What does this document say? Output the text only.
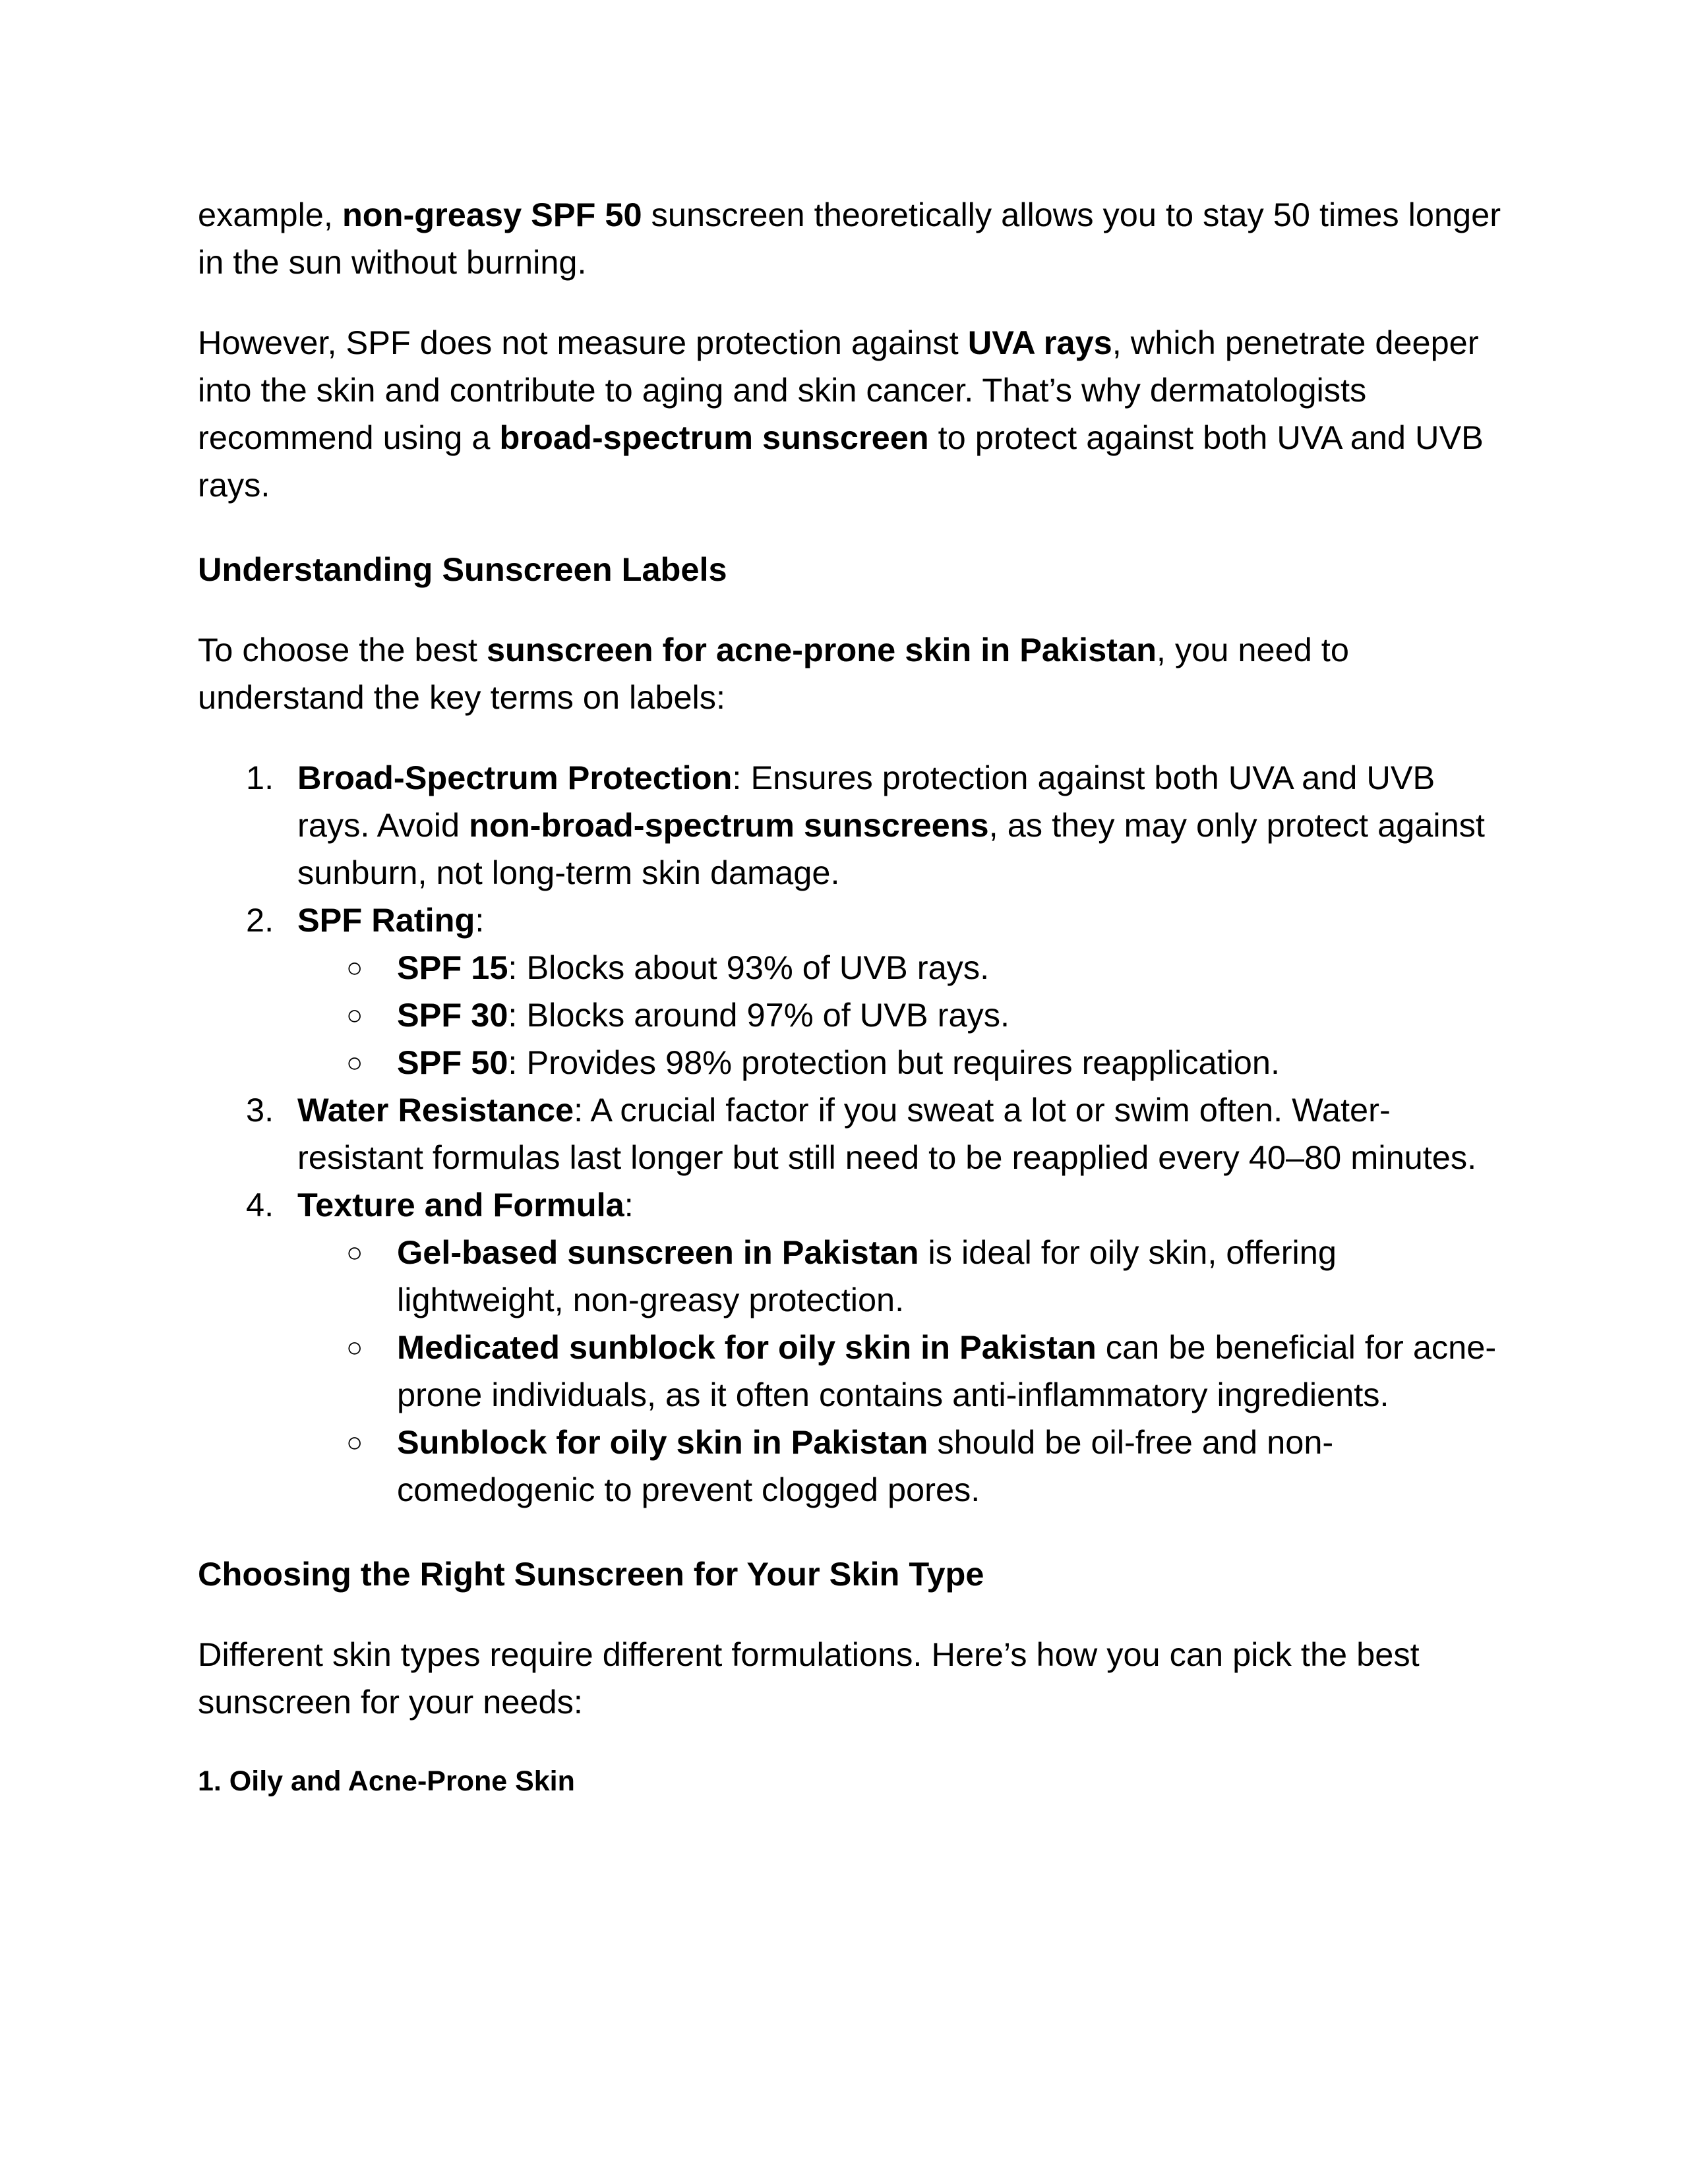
example, non-greasy SPF 50 sunscreen theoretically allows you to stay 50 times longer in the sun without burning.

However, SPF does not measure protection against UVA rays, which penetrate deeper into the skin and contribute to aging and skin cancer. That’s why dermatologists recommend using a broad-spectrum sunscreen to protect against both UVA and UVB rays.

Understanding Sunscreen Labels

To choose the best sunscreen for acne-prone skin in Pakistan, you need to understand the key terms on labels:

1. Broad-Spectrum Protection: Ensures protection against both UVA and UVB rays. Avoid non-broad-spectrum sunscreens, as they may only protect against sunburn, not long-term skin damage.
2. SPF Rating:
○ SPF 15: Blocks about 93% of UVB rays.
○ SPF 30: Blocks around 97% of UVB rays.
○ SPF 50: Provides 98% protection but requires reapplication.
3. Water Resistance: A crucial factor if you sweat a lot or swim often. Water-resistant formulas last longer but still need to be reapplied every 40–80 minutes.
4. Texture and Formula:
○ Gel-based sunscreen in Pakistan is ideal for oily skin, offering lightweight, non-greasy protection.
○ Medicated sunblock for oily skin in Pakistan can be beneficial for acne-prone individuals, as it often contains anti-inflammatory ingredients.
○ Sunblock for oily skin in Pakistan should be oil-free and non-comedogenic to prevent clogged pores.
Choosing the Right Sunscreen for Your Skin Type

Different skin types require different formulations. Here’s how you can pick the best sunscreen for your needs:

1. Oily and Acne-Prone Skin
